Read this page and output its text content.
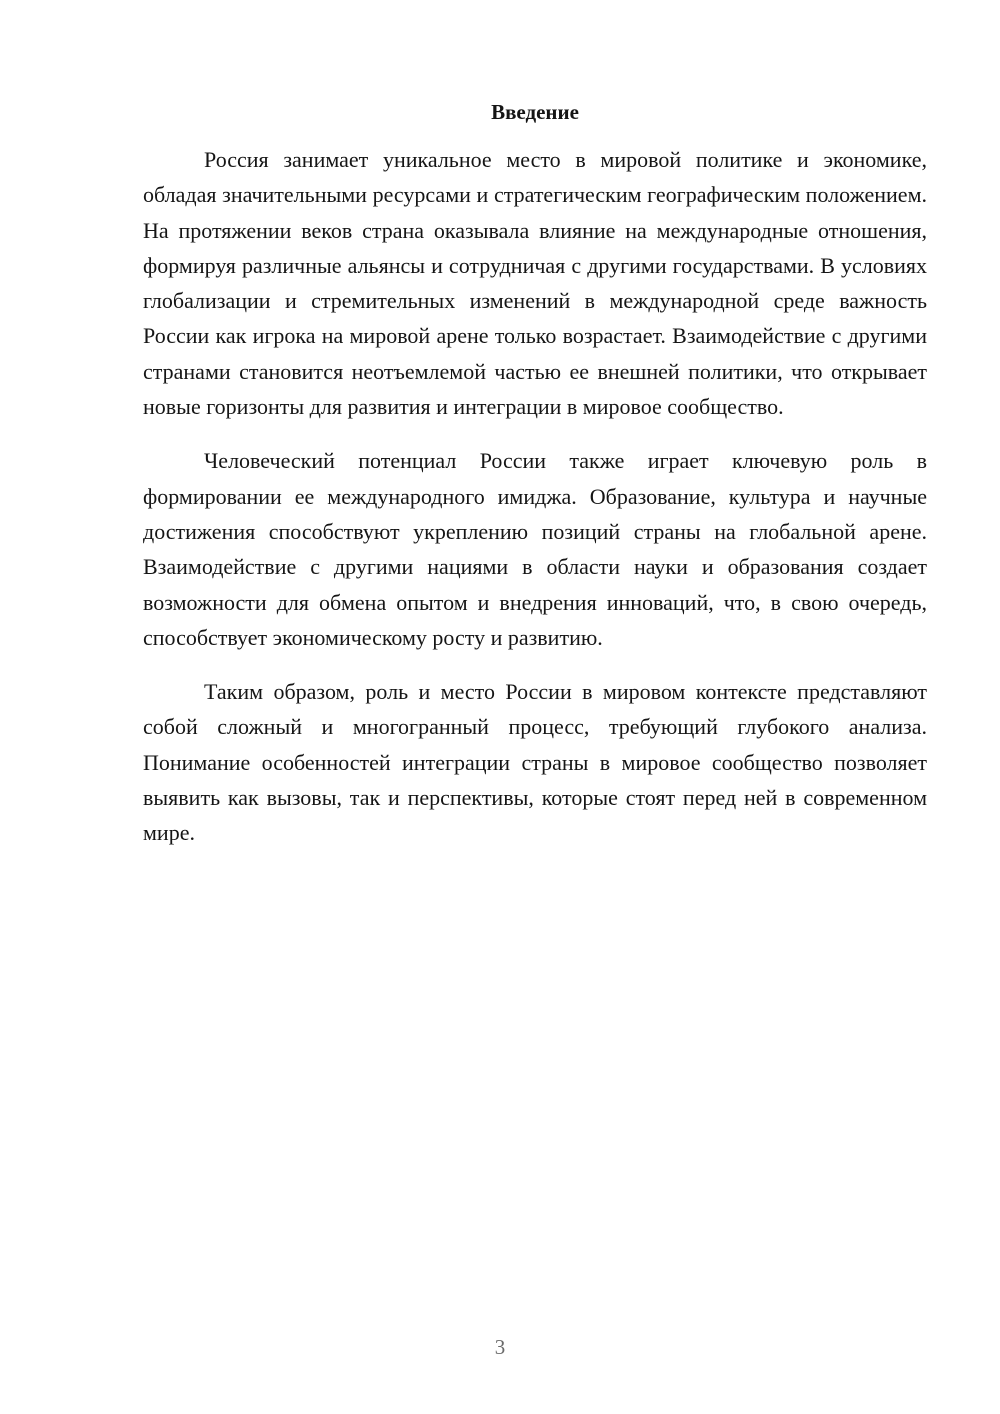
Введение

Россия занимает уникальное место в мировой политике и экономике, обладая значительными ресурсами и стратегическим географическим положением. На протяжении веков страна оказывала влияние на международные отношения, формируя различные альянсы и сотрудничая с другими государствами. В условиях глобализации и стремительных изменений в международной среде важность России как игрока на мировой арене только возрастает. Взаимодействие с другими странами становится неотъемлемой частью ее внешней политики, что открывает новые горизонты для развития и интеграции в мировое сообщество.

Человеческий потенциал России также играет ключевую роль в формировании ее международного имиджа. Образование, культура и научные достижения способствуют укреплению позиций страны на глобальной арене. Взаимодействие с другими нациями в области науки и образования создает возможности для обмена опытом и внедрения инноваций, что, в свою очередь, способствует экономическому росту и развитию.

Таким образом, роль и место России в мировом контексте представляют собой сложный и многогранный процесс, требующий глубокого анализа. Понимание особенностей интеграции страны в мировое сообщество позволяет выявить как вызовы, так и перспективы, которые стоят перед ней в современном мире.

3
